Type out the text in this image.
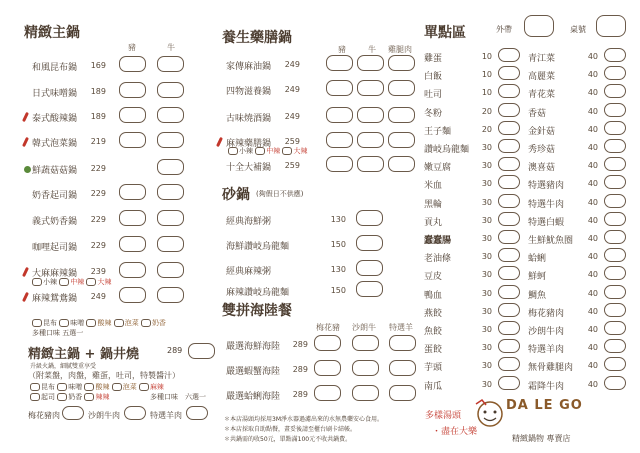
精緻主鍋
豬	牛
和風昆布鍋	169
日式味噌鍋	189
泰式酸辣鍋	189
韓式泡菜鍋	219
鮮蔬菇菇鍋	229
奶香起司鍋	229
義式奶香鍋	229
咖哩起司鍋	229
大麻麻辣鍋	239
麻辣鴛鴦鍋	249
小辣 中辣 大辣
昆布 味噌 酸辣 泡菜 奶香
多種口味 五選一
精緻主鍋 + 鍋井燒	289
升級火鍋，細膩雙重享受
（附菜盤，肉盤，雞蛋，吐司，特製醬汁）
昆布 味噌 酸辣 泡菜 麻辣
起司 奶香 辣辣	多種口味　六選一
梅花豬肉	沙朗牛肉	特選羊肉
養生藥膳鍋
豬	牛 雞腿肉
家傳麻油鍋	249
四物滋養鍋	249
古味燒酒鍋	249
麻辣藥膳鍋	259
十全大補鍋	259
小辣 中辣 大辣
砂鍋 (夠假日不供應)
經典海鮮粥	130
海鮮讚岐烏龍麵	150
經典麻辣粥	130
麻辣讚岐烏龍麵	150
雙拼海陸餐
梅花豬 沙朗牛 特選羊
嚴選海鮮海陸	289
嚴選蝦蟹海陸	289
嚴選蛤蜊海陸	289
＊本店湯頭均採用3M淨水器過濾出來的水無農藥安心食用。
＊本店採取自助點餐，畫妥後請至櫃台刷卡結帳。
＊共鍋需的收50元，單點滿100元不收共鍋費。
多樣湯頭
・盡在大樂
DA LE GO
精緻鍋物 專賣店
單點區	外帶	桌號
雞蛋	10
白飯	10
吐司	10
冬粉	20
王子麵	20
讚岐烏龍麵	30
嫩豆腐	30
米血	30
黑輪	30
貢丸	30
蠢蠢腸	30
老油條	30
豆皮	30
鴨血	30
燕餃	30
魚餃	30
蛋餃	30
芋頭	30
南瓜	30
青江菜	40
高麗菜	40
青花菜	40
香菇	40
金針菇	40
秀珍菇	40
澳喜菇	40
特選豬肉	40
特選牛肉	40
特選白蝦	40
生鮮魷魚圈	40
蛤蜊	40
鮮蚵	40
鯛魚	40
梅花豬肉	40
沙朗牛肉	40
特選羊肉	40
無骨雞腿肉	40
霜降牛肉	40
